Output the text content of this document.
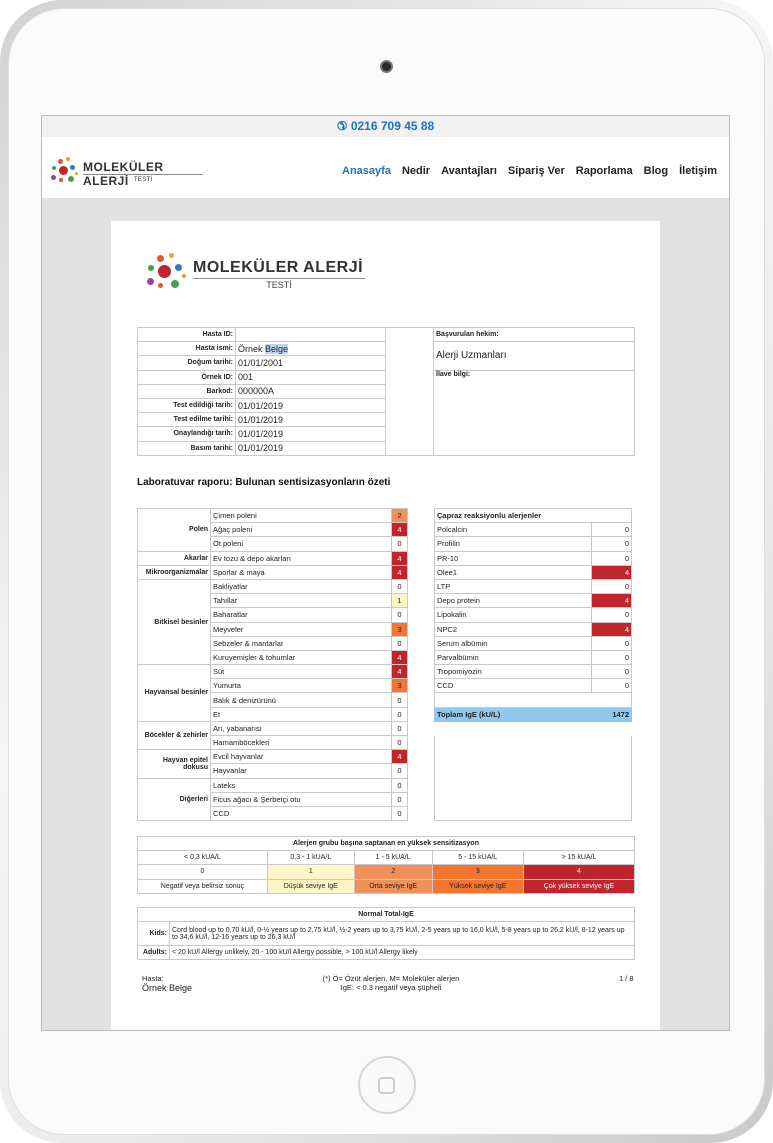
✆ 0216 709 45 88
MOLEKÜLER ALERJİ TESTİ
Anasayfa Nedir Avantajları Sipariş Ver Raporlama Blog İletişim
MOLEKÜLER ALERJİ
TESTİ
Hasta ID:			Başvurulan hekim:
Hasta ismi:	Örnek Belge		Alerji Uzmanları
Doğum tarihi:	01/01/2001		
Örnek ID:	001		İlave bilgi:
Barkod:	000000A		
Test edildiği tarih:	01/01/2019		
Test edilme tarihi:	01/01/2019		
Onaylandığı tarih:	01/01/2019		
Basım tarihi:	01/01/2019		
Laboratuvar raporu: Bulunan sentisizasyonların özeti
Polen	Çimen poleni	2
	Ağaç poleni	4
	Ot poleni	0
Akarlar	Ev tozu & depo akarları	4
Mikroorganizmalar	Sporlar & maya	4
Bitkisel besinler	Bakliyatlar	0
	Tahıllar	1
	Baharatlar	0
	Meyveler	3
	Sebzeler & mantarlar	0
	Kuruyemişler & tohumlar	4
Hayvansal besinler	Süt	4
	Yumurta	3
	Balık & denizürünü	0
	Et	0
Böcekler & zehirler	Arı, yabanarısı	0
	Hamamböcekleri	0
Hayvan epitel dokusu	Evcil hayvanlar	4
	Hayvanlar	0
Diğerleri	Lateks	0
	Ficus ağacı & Şerbetçi otu	0
	CCD	0
Çapraz reaksiyonlu alerjenler	
Polcalcin	0
Profilin	0
PR-10	0
Olee1	4
LTP	0
Depo protein	4
Lipokalin	0
NPC2	4
Serum albümin	0
Parvalbümin	0
Tropomiyozin	0
CCD	0

Toplam IgE (kU/L)	1472
Alerjen grubu başına saptanan en yüksek sensitizasyon				
< 0,3 kUA/L	0,3 - 1 kUA/L	1 - 5 kUA/L	5 - 15 kUA/L	> 15 kUA/L
0	1	2	3	4
Negatif veya belirsiz sonuç	Düşük seviye IgE	Orta seviye IgE	Yüksek seviye IgE	Çok yüksek seviye IgE
Normal Total-IgE	
Kids:	Cord blood up to 0,70 kU/l, 0-½ years up to 2,75 kU/l, ½-2 years up to 3,75 kU/l, 2-5 years up to 16,0 kU/l, 5-8 years up to 26,2 kU/l, 8-12 years up to 34,6 kU/l, 12-16 years up to 26,3 kU/l
Adults:	< 20 kU/l Allergy unlikely, 20 - 100 kU/l Allergy possible, > 100 kU/l Allergy likely
Hasta:
Örnek Belge
(*) Ö= Özüt alerjen, M= Moleküler alerjen
IgE: < 0.3 negatif veya şüpheli
1 / 8
